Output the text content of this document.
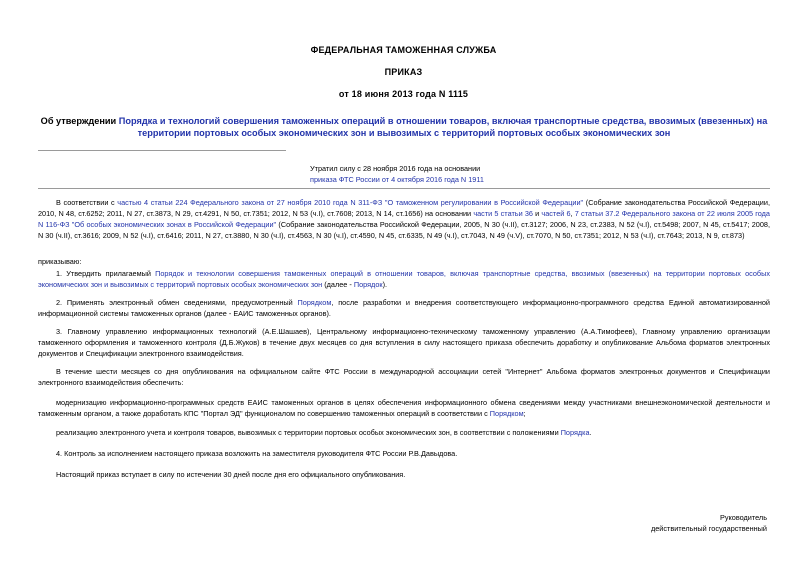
ФЕДЕРАЛЬНАЯ ТАМОЖЕННАЯ СЛУЖБА
ПРИКАЗ
от 18 июня 2013 года N 1115
Об утверждении Порядка и технологий совершения таможенных операций в отношении товаров, включая транспортные средства, ввозимых (ввезенных) на территории портовых особых экономических зон и вывозимых с территорий портовых особых экономических зон
Утратил силу с 28 ноября 2016 года на основании
приказа ФТС России от 4 октября 2016 года N 1911
В соответствии с частью 4 статьи 224 Федерального закона от 27 ноября 2010 года N 311-ФЗ "О таможенном регулировании в Российской Федерации" (Собрание законодательства Российской Федерации, 2010, N 48, ст.6252; 2011, N 27, ст.3873, N 29, ст.4291, N 50, ст.7351; 2012, N 53 (ч.I), ст.7608; 2013, N 14, ст.1656) на основании части 5 статьи 36 и частей 6, 7 статьи 37.2 Федерального закона от 22 июля 2005 года N 116-ФЗ "Об особых экономических зонах в Российской Федерации" (Собрание законодательства Российской Федерации, 2005, N 30 (ч.II), ст.3127; 2006, N 23, ст.2383, N 52 (ч.I), ст.5498; 2007, N 45, ст.5417; 2008, N 30 (ч.II), ст.3616; 2009, N 52 (ч.I), ст.6416; 2011, N 27, ст.3880, N 30 (ч.I), ст.4563, N 30 (ч.I), ст.4590, N 45, ст.6335, N 49 (ч.I), ст.7043, N 49 (ч.V), ст.7070, N 50, ст.7351; 2012, N 53 (ч.I), ст.7643; 2013, N 9, ст.873)
приказываю:
1. Утвердить прилагаемый Порядок и технологии совершения таможенных операций в отношении товаров, включая транспортные средства, ввозимых (ввезенных) на территории портовых особых экономических зон и вывозимых с территорий портовых особых экономических зон (далее - Порядок).
2. Применять электронный обмен сведениями, предусмотренный Порядком, после разработки и внедрения соответствующего информационно-программного средства Единой автоматизированной информационной системы таможенных органов (далее - ЕАИС таможенных органов).
3. Главному управлению информационных технологий (А.Е.Шашаев), Центральному информационно-техническому таможенному управлению (А.А.Тимофеев), Главному управлению организации таможенного оформления и таможенного контроля (Д.Б.Жуков) в течение двух месяцев со дня вступления в силу настоящего приказа обеспечить доработку и опубликование Альбома форматов электронных документов и Спецификации электронного взаимодействия.
В течение шести месяцев со дня опубликования на официальном сайте ФТС России в международной ассоциации сетей "Интернет" Альбома форматов электронных документов и Спецификации электронного взаимодействия обеспечить:
модернизацию информационно-программных средств ЕАИС таможенных органов в целях обеспечения информационного обмена сведениями между участниками внешнеэкономической деятельности и таможенным органом, а также доработать КПС "Портал ЭД" функционалом по совершению таможенных операций в соответствии с Порядком;
реализацию электронного учета и контроля товаров, вывозимых с территории портовых особых экономических зон, в соответствии с положениями Порядка.
4. Контроль за исполнением настоящего приказа возложить на заместителя руководителя ФТС России Р.В.Давыдова.
Настоящий приказ вступает в силу по истечении 30 дней после дня его официального опубликования.
Руководитель
действительный государственный
